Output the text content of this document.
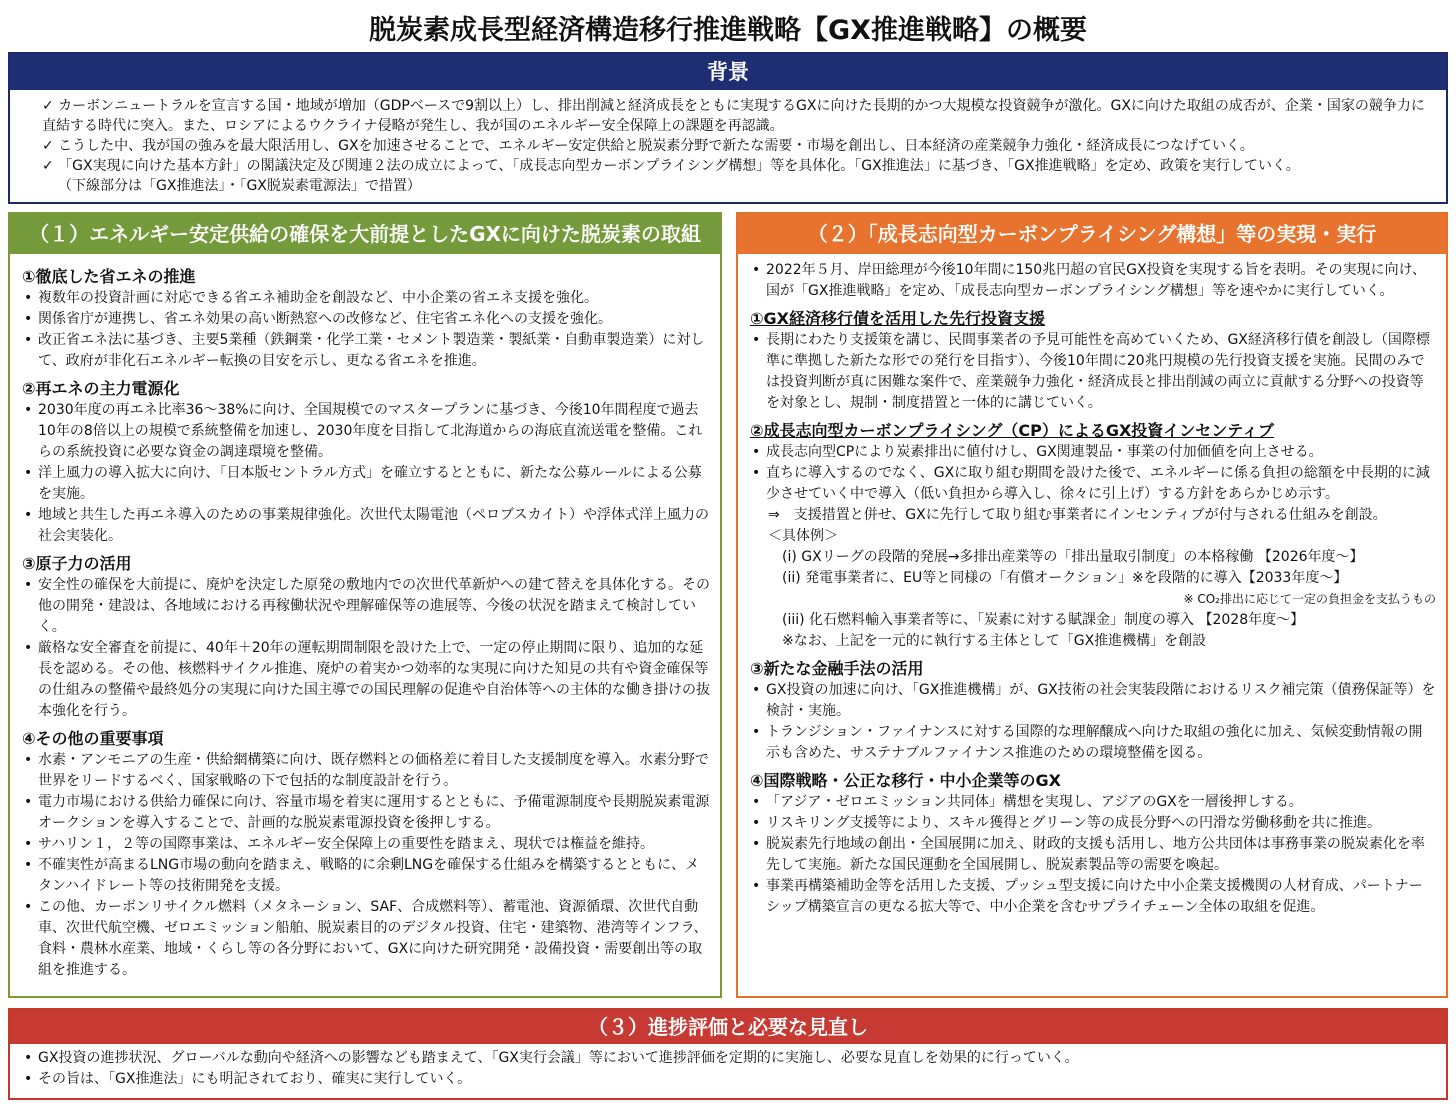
脱炭素成長型経済構造移行推進戦略【GX推進戦略】の概要
背景
✓ カーボンニュートラルを宣言する国・地域が増加（GDPベースで9割以上）し、排出削減と経済成長をともに実現するGXに向けた長期的かつ大規模な投資競争が激化。GXに向けた取組の成否が、企業・国家の競争力に直結する時代に突入。また、ロシアによるウクライナ侵略が発生し、我が国のエネルギー安全保障上の課題を再認識。
✓ こうした中、我が国の強みを最大限活用し、GXを加速させることで、エネルギー安定供給と脱炭素分野で新たな需要・市場を創出し、日本経済の産業競争力強化・経済成長につなげていく。
✓ 「GX実現に向けた基本方針」の閣議決定及び関連２法の成立によって、「成長志向型カーボンプライシング構想」等を具体化。「GX推進法」に基づき、「GX推進戦略」を定め、政策を実行していく。
（下線部分は「GX推進法」・「GX脱炭素電源法」で措置）
（１）エネルギー安定供給の確保を大前提としたGXに向けた脱炭素の取組
①徹底した省エネの推進
• 複数年の投資計画に対応できる省エネ補助金を創設など、中小企業の省エネ支援を強化。
• 関係省庁が連携し、省エネ効果の高い断熱窓への改修など、住宅省エネ化への支援を強化。
• 改正省エネ法に基づき、主要5業種（鉄鋼業・化学工業・セメント製造業・製紙業・自動車製造業）に対して、政府が非化石エネルギー転換の目安を示し、更なる省エネを推進。
②再エネの主力電源化
• 2030年度の再エネ比率36～38%に向け、全国規模でのマスタープランに基づき、今後10年間程度で過去10年の8倍以上の規模で系統整備を加速し、2030年度を目指して北海道からの海底直流送電を整備。これらの系統投資に必要な資金の調達環境を整備。
• 洋上風力の導入拡大に向け、「日本版セントラル方式」を確立するとともに、新たな公募ルールによる公募を実施。
• 地域と共生した再エネ導入のための事業規律強化。次世代太陽電池（ペロブスカイト）や浮体式洋上風力の社会実装化。
③原子力の活用
• 安全性の確保を大前提に、廃炉を決定した原発の敷地内での次世代革新炉への建て替えを具体化する。その他の開発・建設は、各地域における再稼働状況や理解確保等の進展等、今後の状況を踏まえて検討していく。
• 厳格な安全審査を前提に、40年＋20年の運転期間制限を設けた上で、一定の停止期間に限り、追加的な延長を認める。その他、核燃料サイクル推進、廃炉の着実かつ効率的な実現に向けた知見の共有や資金確保等の仕組みの整備や最終処分の実現に向けた国主導での国民理解の促進や自治体等への主体的な働き掛けの抜本強化を行う。
④その他の重要事項
• 水素・アンモニアの生産・供給網構築に向け、既存燃料との価格差に着目した支援制度を導入。水素分野で世界をリードするべく、国家戦略の下で包括的な制度設計を行う。
• 電力市場における供給力確保に向け、容量市場を着実に運用するとともに、予備電源制度や長期脱炭素電源オークションを導入することで、計画的な脱炭素電源投資を後押しする。
• サハリン１，２等の国際事業は、エネルギー安全保障上の重要性を踏まえ、現状では権益を維持。
• 不確実性が高まるLNG市場の動向を踏まえ、戦略的に余剰LNGを確保する仕組みを構築するとともに、メタンハイドレート等の技術開発を支援。
• この他、カーボンリサイクル燃料（メタネーション、SAF、合成燃料等）、蓄電池、資源循環、次世代自動車、次世代航空機、ゼロエミッション船舶、脱炭素目的のデジタル投資、住宅・建築物、港湾等インフラ、食料・農林水産業、地域・くらし等の各分野において、GXに向けた研究開発・設備投資・需要創出等の取組を推進する。
（２）「成長志向型カーボンプライシング構想」等の実現・実行
• 2022年５月、岸田総理が今後10年間に150兆円超の官民GX投資を実現する旨を表明。その実現に向け、国が「GX推進戦略」を定め、「成長志向型カーボンプライシング構想」等を速やかに実行していく。
①GX経済移行債を活用した先行投資支援
• 長期にわたり支援策を講じ、民間事業者の予見可能性を高めていくため、GX経済移行債を創設し（国際標準に準拠した新たな形での発行を目指す）、今後10年間に20兆円規模の先行投資支援を実施。民間のみでは投資判断が真に困難な案件で、産業競争力強化・経済成長と排出削減の両立に貢献する分野への投資等を対象とし、規制・制度措置と一体的に講じていく。
②成長志向型カーボンプライシング（CP）によるGX投資インセンティブ
• 成長志向型CPにより炭素排出に値付けし、GX関連製品・事業の付加価値を向上させる。
• 直ちに導入するのでなく、GXに取り組む期間を設けた後で、エネルギーに係る負担の総額を中長期的に減少させていく中で導入（低い負担から導入し、徐々に引上げ）する方針をあらかじめ示す。
⇒　支援措置と併せ、GXに先行して取り組む事業者にインセンティブが付与される仕組みを創設。
＜具体例＞
(i) GXリーグの段階的発展→多排出産業等の「排出量取引制度」の本格稼働 【2026年度～】
(ii) 発電事業者に、EU等と同様の「有償オークション」※を段階的に導入【2033年度～】
※ CO₂排出に応じて一定の負担金を支払うもの
(iii) 化石燃料輸入事業者等に、「炭素に対する賦課金」制度の導入 【2028年度～】
※なお、上記を一元的に執行する主体として「GX推進機構」を創設
③新たな金融手法の活用
• GX投資の加速に向け、「GX推進機構」が、GX技術の社会実装段階におけるリスク補完策（債務保証等）を検討・実施。
• トランジション・ファイナンスに対する国際的な理解醸成へ向けた取組の強化に加え、気候変動情報の開示も含めた、サステナブルファイナンス推進のための環境整備を図る。
④国際戦略・公正な移行・中小企業等のGX
• 「アジア・ゼロエミッション共同体」構想を実現し、アジアのGXを一層後押しする。
• リスキリング支援等により、スキル獲得とグリーン等の成長分野への円滑な労働移動を共に推進。
• 脱炭素先行地域の創出・全国展開に加え、財政的支援も活用し、地方公共団体は事務事業の脱炭素化を率先して実施。新たな国民運動を全国展開し、脱炭素製品等の需要を喚起。
• 事業再構築補助金等を活用した支援、プッシュ型支援に向けた中小企業支援機関の人材育成、パートナーシップ構築宣言の更なる拡大等で、中小企業を含むサプライチェーン全体の取組を促進。
（３）進捗評価と必要な見直し
• GX投資の進捗状況、グローバルな動向や経済への影響なども踏まえて、「GX実行会議」等において進捗評価を定期的に実施し、必要な見直しを効果的に行っていく。
• その旨は、「GX推進法」にも明記されており、確実に実行していく。
